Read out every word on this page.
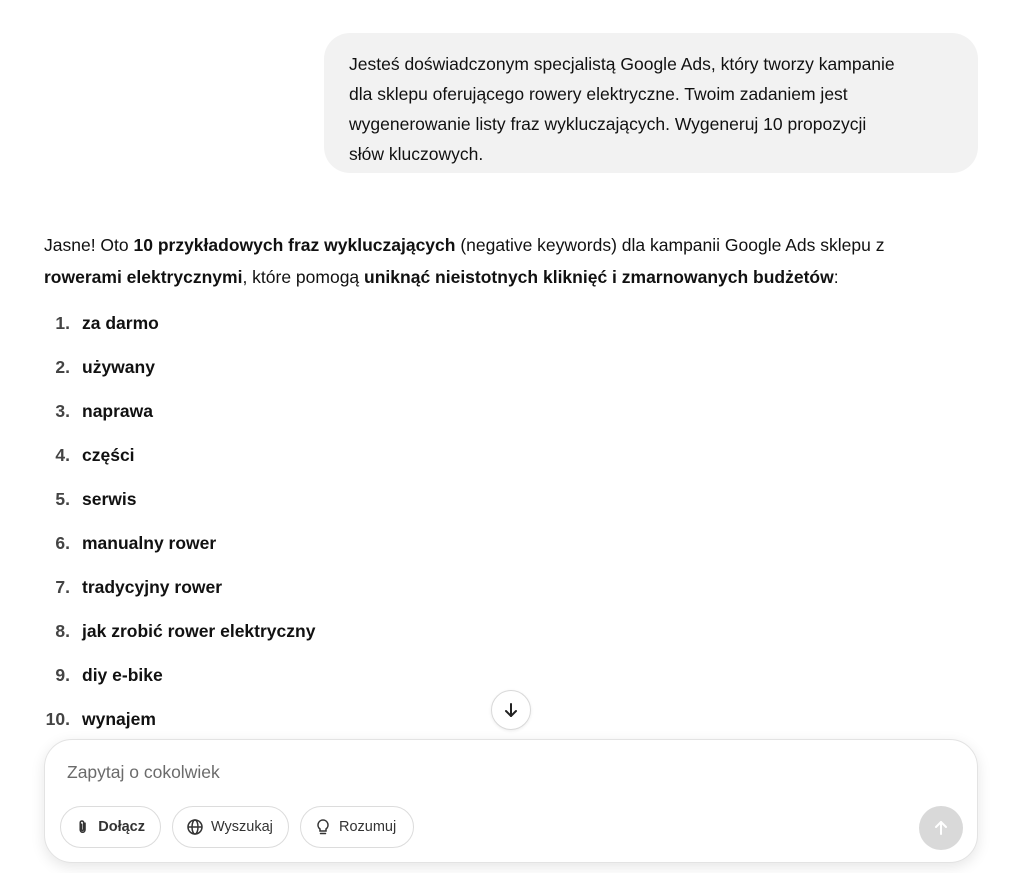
Jesteś doświadczonym specjalistą Google Ads, który tworzy kampanie
dla sklepu oferującego rowery elektryczne. Twoim zadaniem jest
wygenerowanie listy fraz wykluczających. Wygeneruj 10 propozycji
słów kluczowych.
Jasne! Oto 10 przykładowych fraz wykluczających (negative keywords) dla kampanii Google Ads sklepu z
rowerami elektrycznymi, które pomogą uniknąć nieistotnych kliknięć i zmarnowanych budżetów:
1. za darmo
2. używany
3. naprawa
4. części
5. serwis
6. manualny rower
7. tradycyjny rower
8. jak zrobić rower elektryczny
9. diy e-bike
10. wynajem
Zapytaj o cokolwiek
Dołącz	Wyszukaj	Rozumuj
